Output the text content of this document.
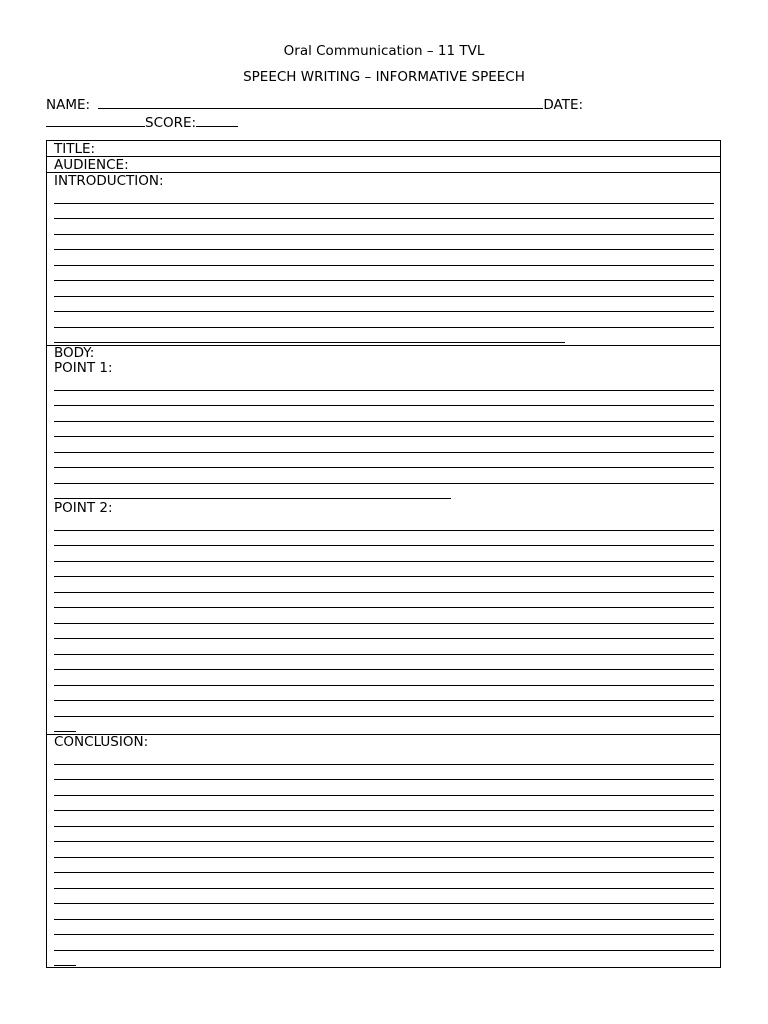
Oral Communication – 11 TVL
SPEECH WRITING – INFORMATIVE SPEECH
NAME:	DATE:
SCORE:
TITLE:
AUDIENCE:
INTRODUCTION:
BODY:
POINT 1:
POINT 2:
CONCLUSION:
